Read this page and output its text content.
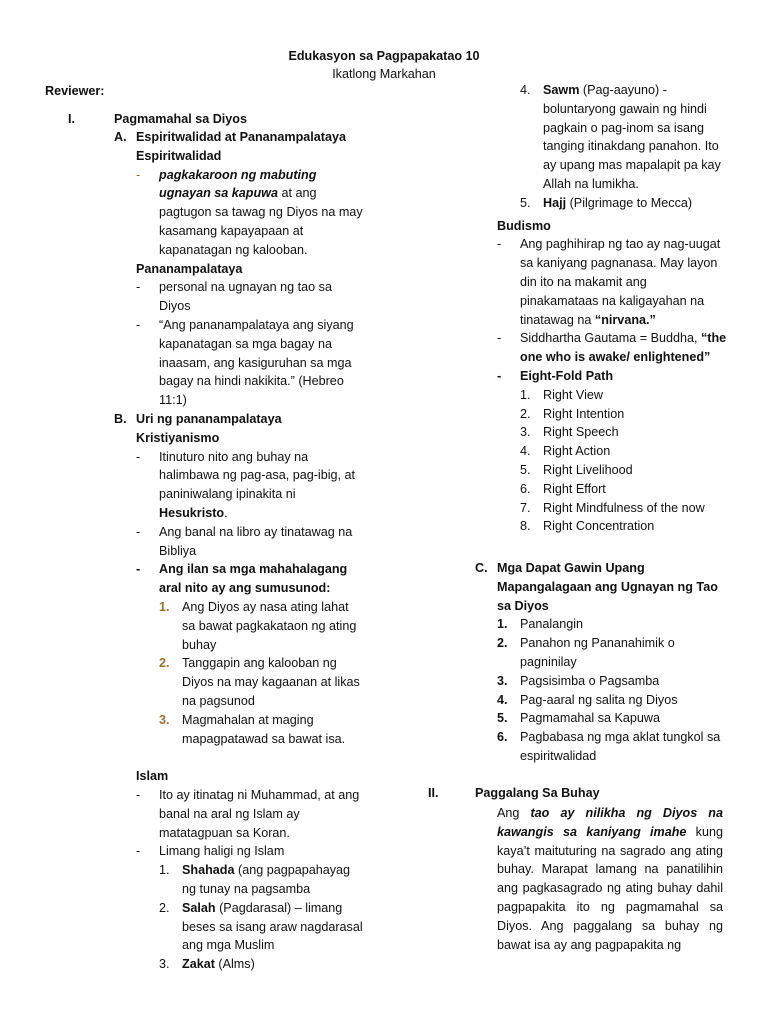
Edukasyon sa Pagpapakatao 10
Ikatlong Markahan
Reviewer:
I.	Pagmamahal sa Diyos
A. Espiritwalidad at Pananampalataya
Espiritwalidad
- pagkakaroon ng mabuting ugnayan sa kapuwa at ang pagtugon sa tawag ng Diyos na may kasamang kapayapaan at kapanatagan ng kalooban.
Pananampalataya
- personal na ugnayan ng tao sa Diyos
- “Ang pananampalataya ang siyang kapanatagan sa mga bagay na inaasam, ang kasiguruhan sa mga bagay na hindi nakikita.” (Hebreo 11:1)
B. Uri ng pananampalataya
Kristiyanismo
- Itinuturo nito ang buhay na halimbawa ng pag-asa, pag-ibig, at paniniwalang ipinakita ni Hesukristo.
- Ang banal na libro ay tinatawag na Bibliya
- Ang ilan sa mga mahahalagang aral nito ay ang sumusunod:
1. Ang Diyos ay nasa ating lahat sa bawat pagkakataon ng ating buhay
2. Tanggapin ang kalooban ng Diyos na may kagaanan at likas na pagsunod
3. Magmahalan at maging mapagpatawad sa bawat isa.
Islam
- Ito ay itinatag ni Muhammad, at ang banal na aral ng Islam ay matatagpuan sa Koran.
- Limang haligi ng Islam
1. Shahada (ang pagpapahayag ng tunay na pagsamba
2. Salah (Pagdarasal) – limang beses sa isang araw nagdarasal ang mga Muslim
3. Zakat (Alms)
4. Sawm (Pag-aayuno) - boluntaryong gawain ng hindi pagkain o pag-inom sa isang tanging itinakdang panahon. Ito ay upang mas mapalapit pa kay Allah na lumikha.
5. Hajj (Pilgrimage to Mecca)
Budismo
- Ang paghihirap ng tao ay nag-uugat sa kaniyang pagnanasa. May layon din ito na makamit ang pinakamataas na kaligayahan na tinatawag na “nirvana.”
- Siddhartha Gautama = Buddha, “the one who is awake/ enlightened”
- Eight-Fold Path
1. Right View
2. Right Intention
3. Right Speech
4. Right Action
5. Right Livelihood
6. Right Effort
7. Right Mindfulness of the now
8. Right Concentration
C. Mga Dapat Gawin Upang Mapangalagaan ang Ugnayan ng Tao sa Diyos
1. Panalangin
2. Panahon ng Pananahimik o pagninilay
3. Pagsisimba o Pagsamba
4. Pag-aaral ng salita ng Diyos
5. Pagmamahal sa Kapuwa
6. Pagbabasa ng mga aklat tungkol sa espiritwalidad
II.	Paggalang Sa Buhay
Ang tao ay nilikha ng Diyos na kawangis sa kaniyang imahe kung kaya’t maituturing na sagrado ang ating buhay. Marapat lamang na panatilihin ang pagkasagrado ng ating buhay dahil pagpapakita ito ng pagmamahal sa Diyos. Ang paggalang sa buhay ng bawat isa ay ang pagpapakita ng
